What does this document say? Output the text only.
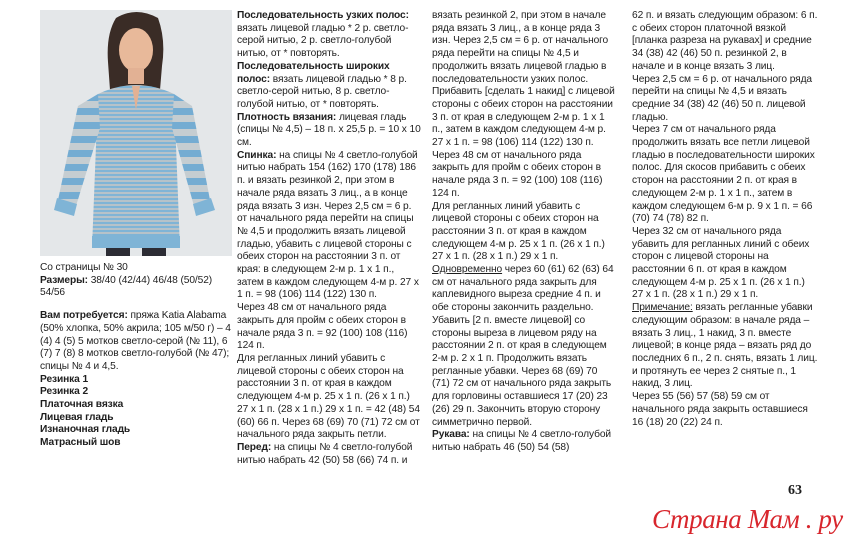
Со страницы № 30

Размеры: 38/40 (42/44) 46/48 (50/52) 54/56

Вам потребуется: пряжа Katia Alabama (50% хлопка, 50% акрила; 105 м/50 г) – 4 (4) 4 (5) 5 мотков светло-серой (№ 11), 6 (7) 7 (8) 8 мотков светло-голубой (№ 47); спицы № 4 и 4,5.

Резинка 1

Резинка 2

Платочная вязка

Лицевая гладь

Изнаночная гладь

Матрасный шов

Последовательность узких полос: вязать лицевой гладью * 2 р. светло-серой нитью, 2 р. светло-голубой нитью, от * повторять.

Последовательность широких полос: вязать лицевой гладью * 8 р. светло-серой нитью, 8 р. светло-голубой нитью, от * повторять.

Плотность вязания: лицевая гладь (спицы № 4,5) – 18 п. х 25,5 р. = 10 х 10 см.

Спинка: на спицы № 4 светло-голубой нитью набрать 154 (162) 170 (178) 186 п. и вязать резинкой 2, при этом в начале ряда вязать 3 лиц., а в конце ряда вязать 3 изн. Через 2,5 см = 6 р. от начального ряда перейти на спицы № 4,5 и продолжить вязать лицевой гладью, убавить с лицевой стороны с обеих сторон на расстоянии 3 п. от края: в следующем 2-м р. 1 х 1 п., затем в каждом следующем 4-м р. 27 х 1 п. = 98 (106) 114 (122) 130 п.

Через 48 см от начального ряда закрыть для пройм с обеих сторон в начале ряда 3 п. = 92 (100) 108 (116) 124 п.

Для регланных линий убавить с лицевой стороны с обеих сторон на расстоянии 3 п. от края в каждом следующем 4-м р. 25 х 1 п. (26 х 1 п.) 27 х 1 п. (28 х 1 п.) 29 х 1 п. = 42 (48) 54 (60) 66 п. Через 68 (69) 70 (71) 72 см от начального ряда закрыть петли.

Перед: на спицы № 4 светло-голубой нитью набрать 42 (50) 58 (66) 74 п. и

вязать резинкой 2, при этом в начале ряда вязать 3 лиц., а в конце ряда 3 изн. Через 2,5 см = 6 р. от начального ряда перейти на спицы № 4,5 и продолжить вязать лицевой гладью в последовательности узких полос. Прибавить [сделать 1 накид] с лицевой стороны с обеих сторон на расстоянии 3 п. от края в следующем 2-м р. 1 х 1 п., затем в каждом следующем 4-м р. 27 х 1 п. = 98 (106) 114 (122) 130 п.

Через 48 см от начального ряда закрыть для пройм с обеих сторон в начале ряда 3 п. = 92 (100) 108 (116) 124 п.

Для регланных линий убавить с лицевой стороны с обеих сторон на расстоянии 3 п. от края в каждом следующем 4-м р. 25 х 1 п. (26 х 1 п.) 27 х 1 п. (28 х 1 п.) 29 х 1 п.

Одновременно через 60 (61) 62 (63) 64 см от начального ряда закрыть для каплевидного выреза средние 4 п. и обе стороны закончить раздельно. Убавить [2 п. вместе лицевой] со стороны выреза в лицевом ряду на расстоянии 2 п. от края в следующем 2-м р. 2 х 1 п. Продолжить вязать регланные убавки. Через 68 (69) 70 (71) 72 см от начального ряда закрыть для горловины оставшиеся 17 (20) 23 (26) 29 п. Закончить вторую сторону симметрично первой.

Рукава: на спицы № 4 светло-голубой нитью набрать 46 (50) 54 (58)

62 п. и вязать следующим образом: 6 п. с обеих сторон платочной вязкой [планка разреза на рукавах] и средние 34 (38) 42 (46) 50 п. резинкой 2, в начале и в конце вязать 3 лиц.

Через 2,5 см = 6 р. от начального ряда перейти на спицы № 4,5 и вязать средние 34 (38) 42 (46) 50 п. лицевой гладью.

Через 7 см от начального ряда продолжить вязать все петли лицевой гладью в последовательности широких полос. Для скосов прибавить с обеих сторон на расстоянии 2 п. от края в следующем 2-м р. 1 х 1 п., затем в каждом следующем 6-м р. 9 х 1 п. = 66 (70) 74 (78) 82 п.

Через 32 см от начального ряда убавить для регланных линий с обеих сторон с лицевой стороны на расстоянии 6 п. от края в каждом следующем 4-м р. 25 х 1 п. (26 х 1 п.) 27 х 1 п. (28 х 1 п.) 29 х 1 п.

Примечание: вязать регланные убавки следующим образом: в начале ряда – вязать 3 лиц., 1 накид, 3 п. вместе лицевой; в конце ряда – вязать ряд до последних 6 п., 2 п. снять, вязать 1 лиц. и протянуть ее через 2 снятые п., 1 накид, 3 лиц.

Через 55 (56) 57 (58) 59 см от начального ряда закрыть оставшиеся 16 (18) 20 (22) 24 п.

63
Страна Мам . ру
